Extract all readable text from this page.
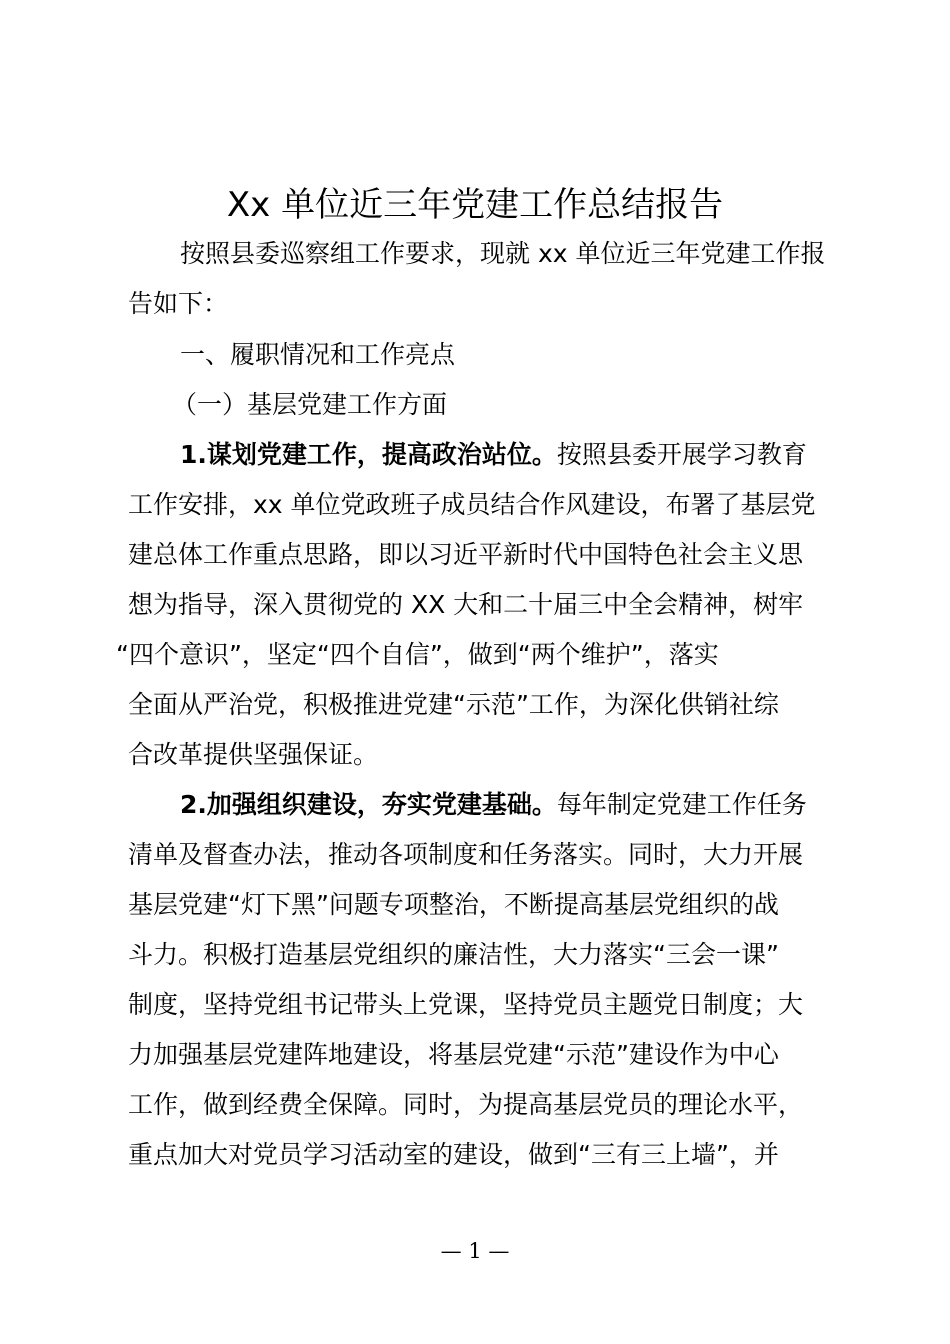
Xx 单位近三年党建工作总结报告
按照县委巡察组工作要求，现就 xx 单位近三年党建工作报
告如下：
一、履职情况和工作亮点
（一）基层党建工作方面
1.谋划党建工作，提高政治站位。按照县委开展学习教育
工作安排，xx 单位党政班子成员结合作风建设，布署了基层党
建总体工作重点思路，即以习近平新时代中国特色社会主义思
想为指导，深入贯彻党的 XX 大和二十届三中全会精神，树牢
“四个意识”，坚定“四个自信”，做到“两个维护”，落实
全面从严治党，积极推进党建“示范”工作，为深化供销社综
合改革提供坚强保证。
2.加强组织建设，夯实党建基础。每年制定党建工作任务
清单及督查办法，推动各项制度和任务落实。同时，大力开展
基层党建“灯下黑”问题专项整治，不断提高基层党组织的战
斗力。积极打造基层党组织的廉洁性，大力落实“三会一课”
制度，坚持党组书记带头上党课，坚持党员主题党日制度；大
力加强基层党建阵地建设，将基层党建“示范”建设作为中心
工作，做到经费全保障。同时，为提高基层党员的理论水平，
重点加大对党员学习活动室的建设，做到“三有三上墙”，并
— 1 —
